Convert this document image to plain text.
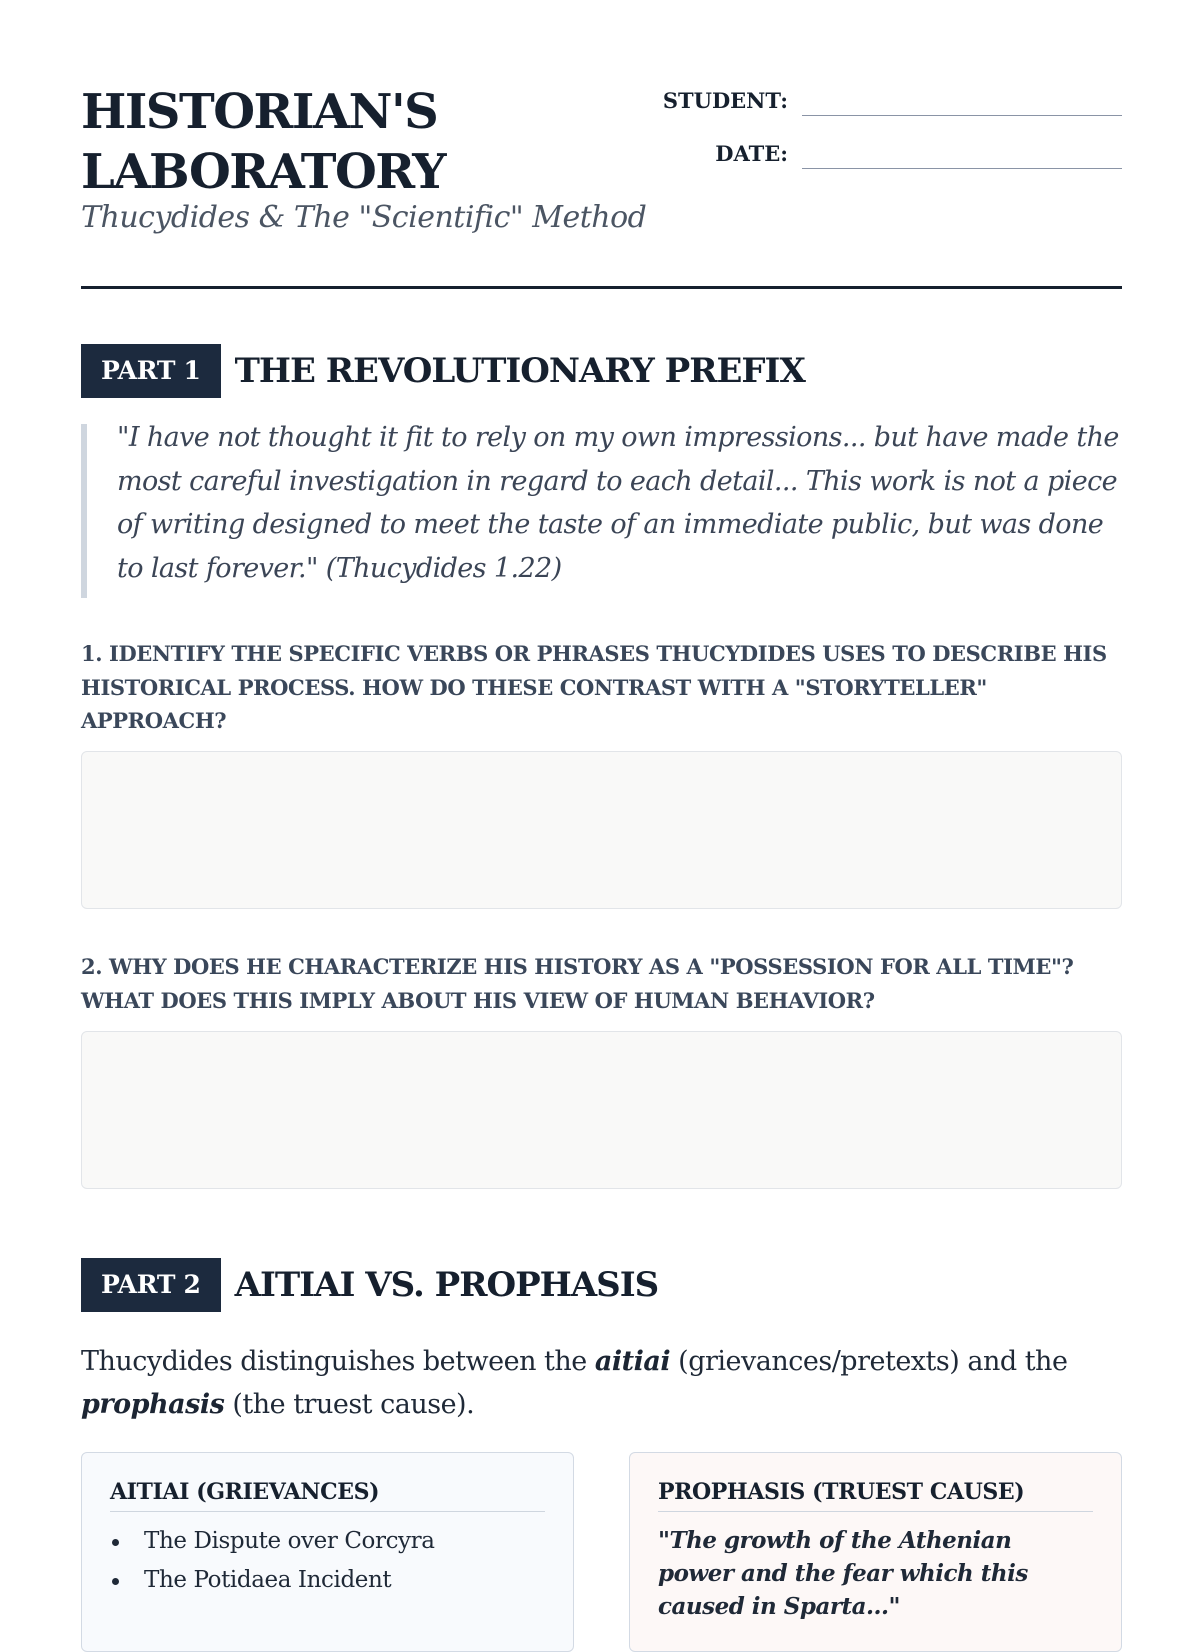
HISTORIAN'S
LABORATORY
Thucydides & The "Scientific" Method
STUDENT:
DATE:
PART 1	THE REVOLUTIONARY PREFIX
"I have not thought it fit to rely on my own impressions... but have made the most careful investigation in regard to each detail... This work is not a piece of writing designed to meet the taste of an immediate public, but was done to last forever." (Thucydides 1.22)
1. IDENTIFY THE SPECIFIC VERBS OR PHRASES THUCYDIDES USES TO DESCRIBE HIS HISTORICAL PROCESS. HOW DO THESE CONTRAST WITH A "STORYTELLER" APPROACH?
2. WHY DOES HE CHARACTERIZE HIS HISTORY AS A "POSSESSION FOR ALL TIME"? WHAT DOES THIS IMPLY ABOUT HIS VIEW OF HUMAN BEHAVIOR?
PART 2	AITIAI VS. PROPHASIS
Thucydides distinguishes between the aitiai (grievances/pretexts) and the prophasis (the truest cause).
AITIAI (GRIEVANCES)
The Dispute over Corcyra
The Potidaea Incident
PROPHASIS (TRUEST CAUSE)
"The growth of the Athenian power and the fear which this caused in Sparta..."
